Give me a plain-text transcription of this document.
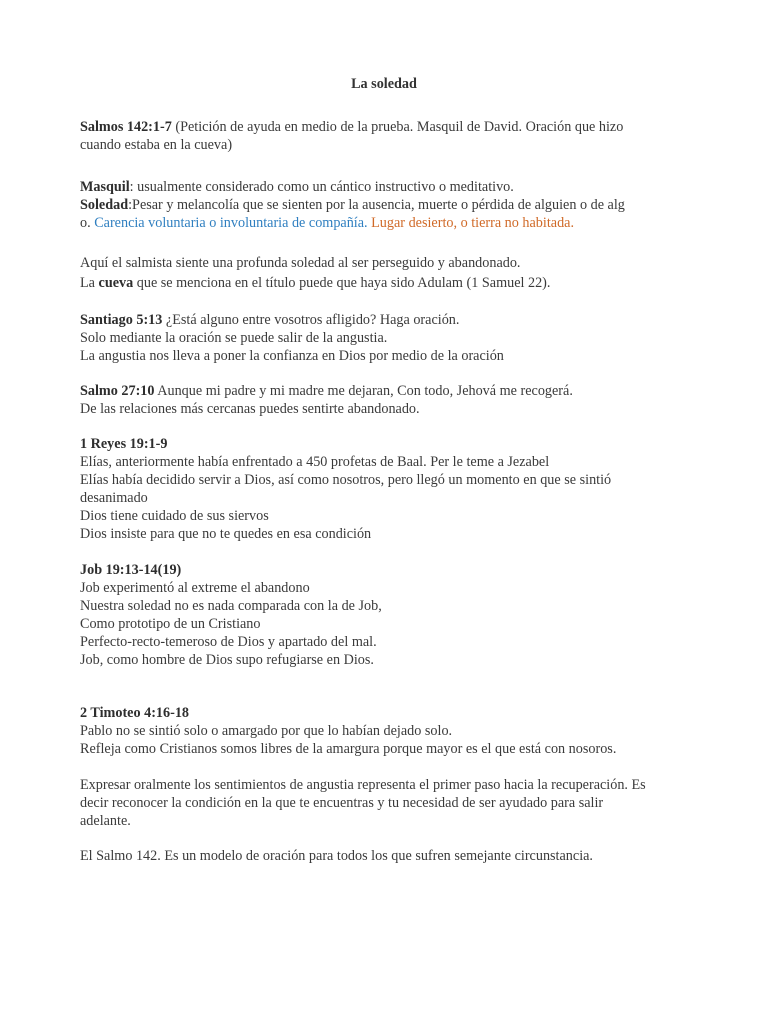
La soledad
Salmos 142:1-7 (Petición de ayuda en medio de la prueba. Masquil de David. Oración que hizo
cuando estaba en la cueva)
Masquil: usualmente considerado como un cántico instructivo o meditativo.
Soledad:Pesar y melancolía que se sienten por la ausencia, muerte o pérdida de alguien o de alg
o. Carencia voluntaria o involuntaria de compañía. Lugar desierto, o tierra no habitada.
Aquí el salmista siente una profunda soledad al ser perseguido y abandonado.
La cueva que se menciona en el título puede que haya sido Adulam (1 Samuel 22).
Santiago 5:13 ¿Está alguno entre vosotros afligido? Haga oración.
Solo mediante la oración se puede salir de la angustia.
La angustia nos lleva a poner la confianza en Dios por medio de la oración
Salmo 27:10 Aunque mi padre y mi madre me dejaran, Con todo, Jehová me recogerá.
De las relaciones más cercanas puedes sentirte abandonado.
1 Reyes 19:1-9
Elías, anteriormente había enfrentado a 450 profetas de Baal. Per le teme a Jezabel
Elías había decidido servir a Dios, así como nosotros, pero llegó un momento en que se sintió
desanimado
Dios tiene cuidado de sus siervos
Dios insiste para que no te quedes en esa condición
Job 19:13-14(19)
Job experimentó al extreme el abandono
Nuestra soledad no es nada comparada con la de Job,
Como prototipo de un Cristiano
Perfecto-recto-temeroso de Dios y apartado del mal.
Job, como hombre de Dios supo refugiarse en Dios.
2 Timoteo 4:16-18
Pablo no se sintió solo o amargado por que lo habían dejado solo.
Refleja como Cristianos somos libres de la amargura porque mayor es el que está con nosoros.
Expresar oralmente los sentimientos de angustia representa el primer paso hacia la recuperación. Es
decir reconocer la condición en la que te encuentras y tu necesidad de ser ayudado para salir
adelante.
El Salmo 142. Es un modelo de oración para todos los que sufren semejante circunstancia.
